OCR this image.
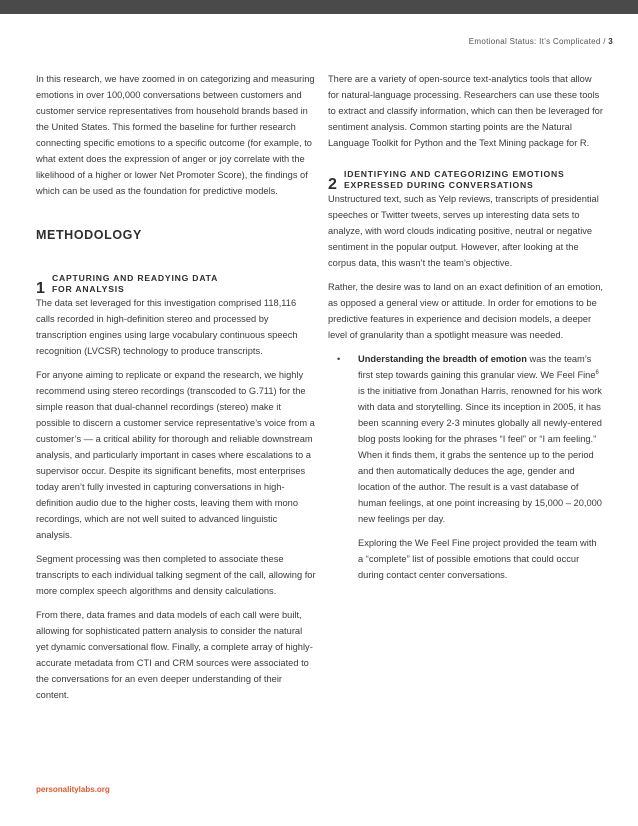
Emotional Status: It’s Complicated / 3

In this research, we have zoomed in on categorizing and measuring emotions in over 100,000 conversations between customers and customer service representatives from household brands based in the United States. This formed the baseline for further research connecting specific emotions to a specific outcome (for example, to what extent does the expression of anger or joy correlate with the likelihood of a higher or lower Net Promoter Score), the findings of which can be used as the foundation for predictive models.

METHODOLOGY
1
CAPTURING AND READYING DATA
FOR ANALYSIS

The data set leveraged for this investigation comprised 118,116 calls recorded in high-definition stereo and processed by transcription engines using large vocabulary continuous speech recognition (LVCSR) technology to produce transcripts.

For anyone aiming to replicate or expand the research, we highly recommend using stereo recordings (transcoded to G.711) for the simple reason that dual-channel recordings (stereo) make it possible to discern a customer service representative’s voice from a customer’s — a critical ability for thorough and reliable downstream analysis, and particularly important in cases where escalations to a supervisor occur. Despite its significant benefits, most enterprises today aren’t fully invested in capturing conversations in high-definition audio due to the higher costs, leaving them with mono recordings, which are not well suited to advanced linguistic analysis.

Segment processing was then completed to associate these transcripts to each individual talking segment of the call, allowing for more complex speech algorithms and density calculations.

From there, data frames and data models of each call were built, allowing for sophisticated pattern analysis to consider the natural yet dynamic conversational flow. Finally, a complete array of highly-accurate metadata from CTI and CRM sources were associated to the conversations for an even deeper understanding of their content.

There are a variety of open-source text-analytics tools that allow for natural-language processing. Researchers can use these tools to extract and classify information, which can then be leveraged for sentiment analysis. Common starting points are the Natural Language Toolkit for Python and the Text Mining package for R.

2
IDENTIFYING AND CATEGORIZING EMOTIONS
EXPRESSED DURING CONVERSATIONS

Unstructured text, such as Yelp reviews, transcripts of presidential speeches or Twitter tweets, serves up interesting data sets to analyze, with word clouds indicating positive, neutral or negative sentiment in the popular output. However, after looking at the corpus data, this wasn’t the team’s objective.

Rather, the desire was to land on an exact definition of an emotion, as opposed a general view or attitude. In order for emotions to be predictive features in experience and decision models, a deeper level of granularity than a spotlight measure was needed.

• Understanding the breadth of emotion was the team’s first step towards gaining this granular view. We Feel Fine$^6$ is the initiative from Jonathan Harris, renowned for his work with data and storytelling. Since its inception in 2005, it has been scanning every 2-3 minutes globally all newly-entered blog posts looking for the phrases “I feel” or “I am feeling.” When it finds them, it grabs the sentence up to the period and then automatically deduces the age, gender and location of the author. The result is a vast database of human feelings, at one point increasing by 15,000 – 20,000 new feelings per day.

Exploring the We Feel Fine project provided the team with a “complete” list of possible emotions that could occur during contact center conversations.

personalitylabs.org
